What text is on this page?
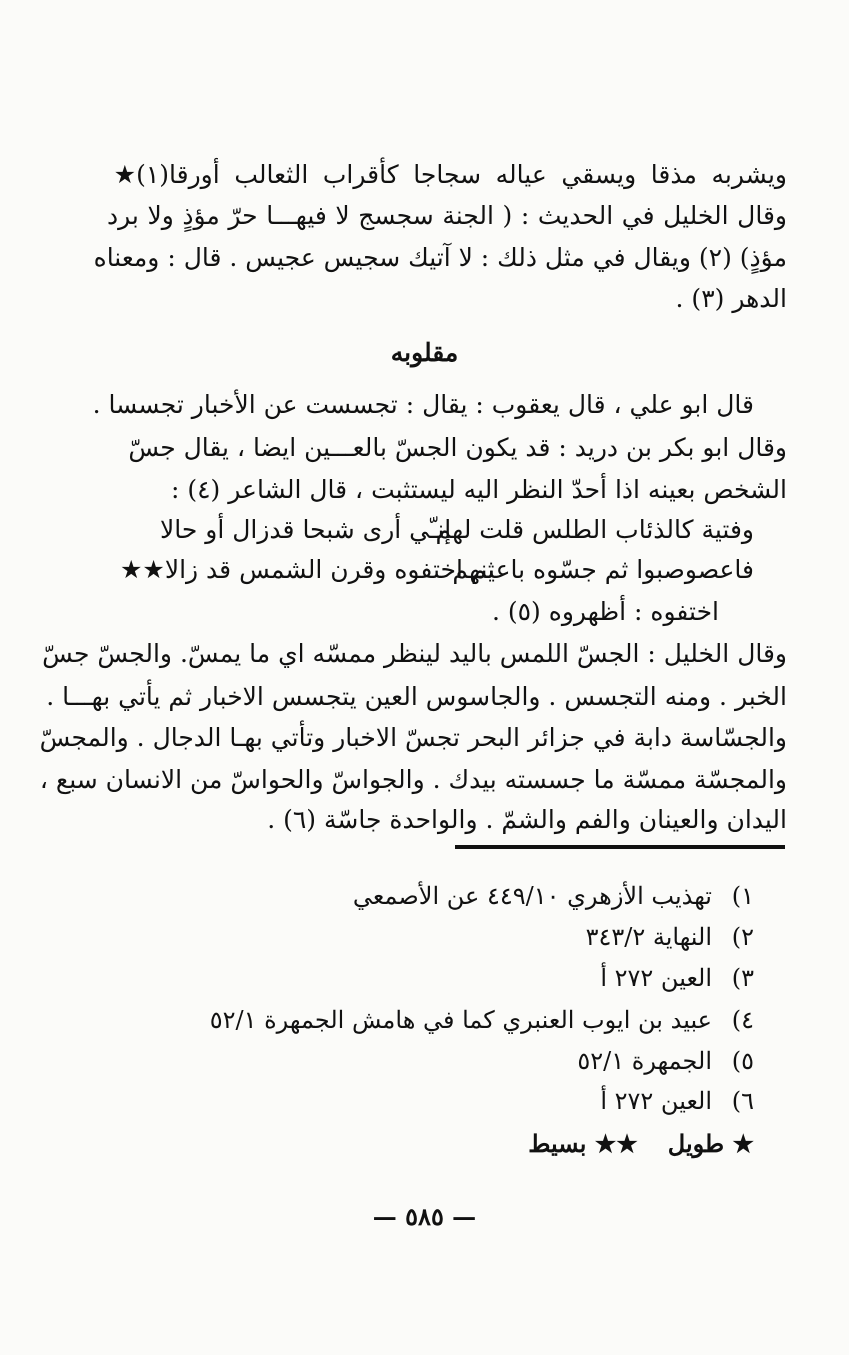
ويشربه مذقا ويسقي عياله سجاجا كأقراب الثعالب أورقا(١)★
وقال الخليل في الحديث : ( الجنة سجسج لا فيهـــا حرّ مؤذٍ ولا برد
مؤذٍ) (٢) ويقال في مثل ذلك : لا آتيك سجيس عجيس . قال : ومعناه
الدهر (٣) .
مقلوبه
قال ابو علي ، قال يعقوب : يقال : تجسست عن الأخبار تجسسا .
وقال ابو بكر بن دريد : قد يكون الجسّ بالعـــين ايضا ، يقال جسّ
الشخص بعينه اذا أحدّ النظر اليه ليستثبت ، قال الشاعر (٤) :
وفتية كالذئاب الطلس قلت لهم
إنـّي أرى شبحا قدزال أو حالا
فاعصوصبوا ثم جسّوه باعينهم
ثم اختفوه وقرن الشمس قد زالا★★
اختفوه : أظهروه (٥) .
وقال الخليل : الجسّ اللمس باليد لينظر ممسّه اي ما يمسّ. والجسّ جسّ
الخبر . ومنه التجسس . والجاسوس العين يتجسس الاخبار ثم يأتي بهـــا .
والجسّاسة دابة في جزائر البحر تجسّ الاخبار وتأتي بهـا الدجال . والمجسّ
والمجسّة ممسّة ما جسسته بيدك . والجواسّ والحواسّ من الانسان سبع ،
اليدان والعينان والفم والشمّ . والواحدة جاسّة (٦) .
١)تهذيب الأزهري ٤٤٩/١٠ عن الأصمعي
٢)النهاية ٣٤٣/٢
٣)العين ٢٧٢ أ
٤)عبيد بن ايوب العنبري كما في هامش الجمهرة ٥٢/١
٥)الجمهرة ٥٢/١
٦)العين ٢٧٢ أ
★ طويل★★ بسيط
— ٥٨٥ —
